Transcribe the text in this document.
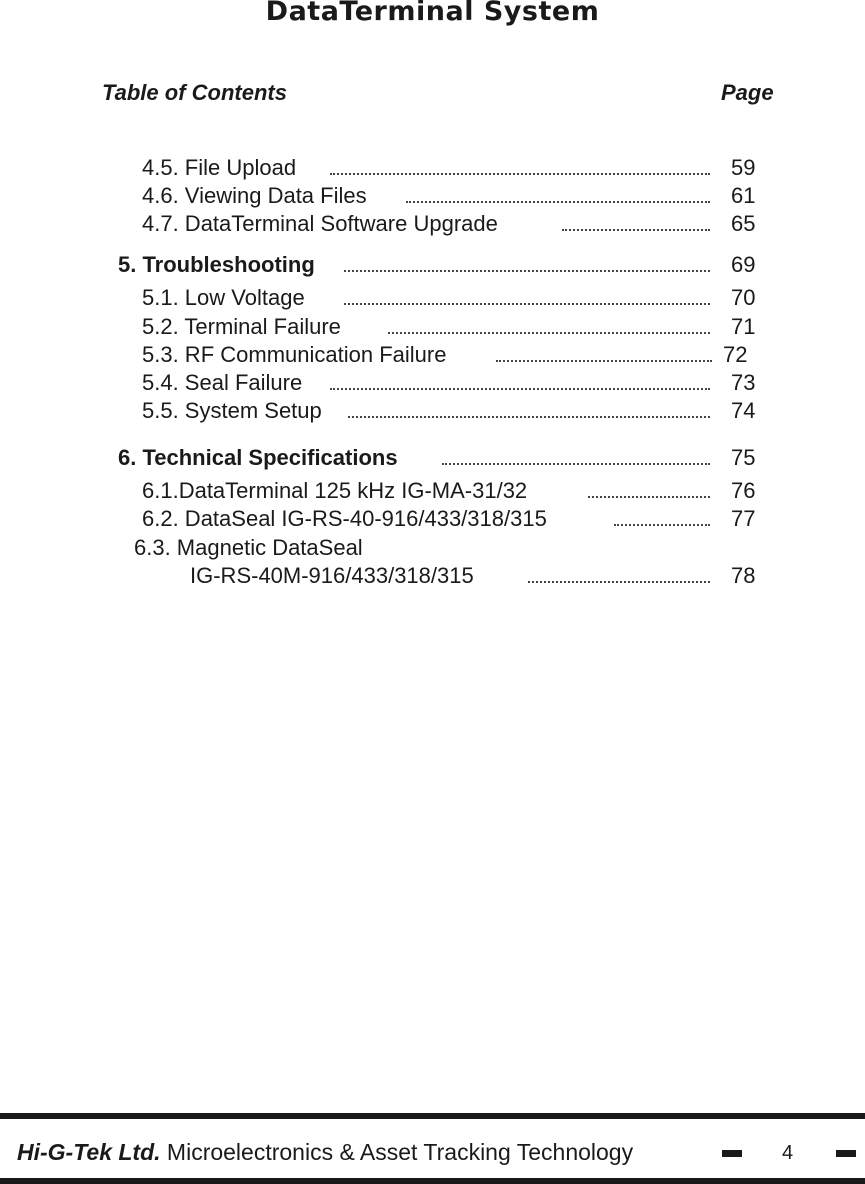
DataTerminal System
Table of Contents	Page
4.5. File Upload	59
4.6. Viewing Data Files	61
4.7. DataTerminal Software Upgrade	65
5. Troubleshooting	69
5.1. Low Voltage	70
5.2. Terminal Failure	71
5.3. RF Communication Failure	72
5.4. Seal Failure	73
5.5. System Setup	74
6. Technical Specifications	75
6.1.DataTerminal 125 kHz IG-MA-31/32	76
6.2. DataSeal IG-RS-40-916/433/318/315	77
6.3. Magnetic DataSeal
IG-RS-40M-916/433/318/315	78
Hi-G-Tek Ltd. Microelectronics & Asset Tracking Technology	4
